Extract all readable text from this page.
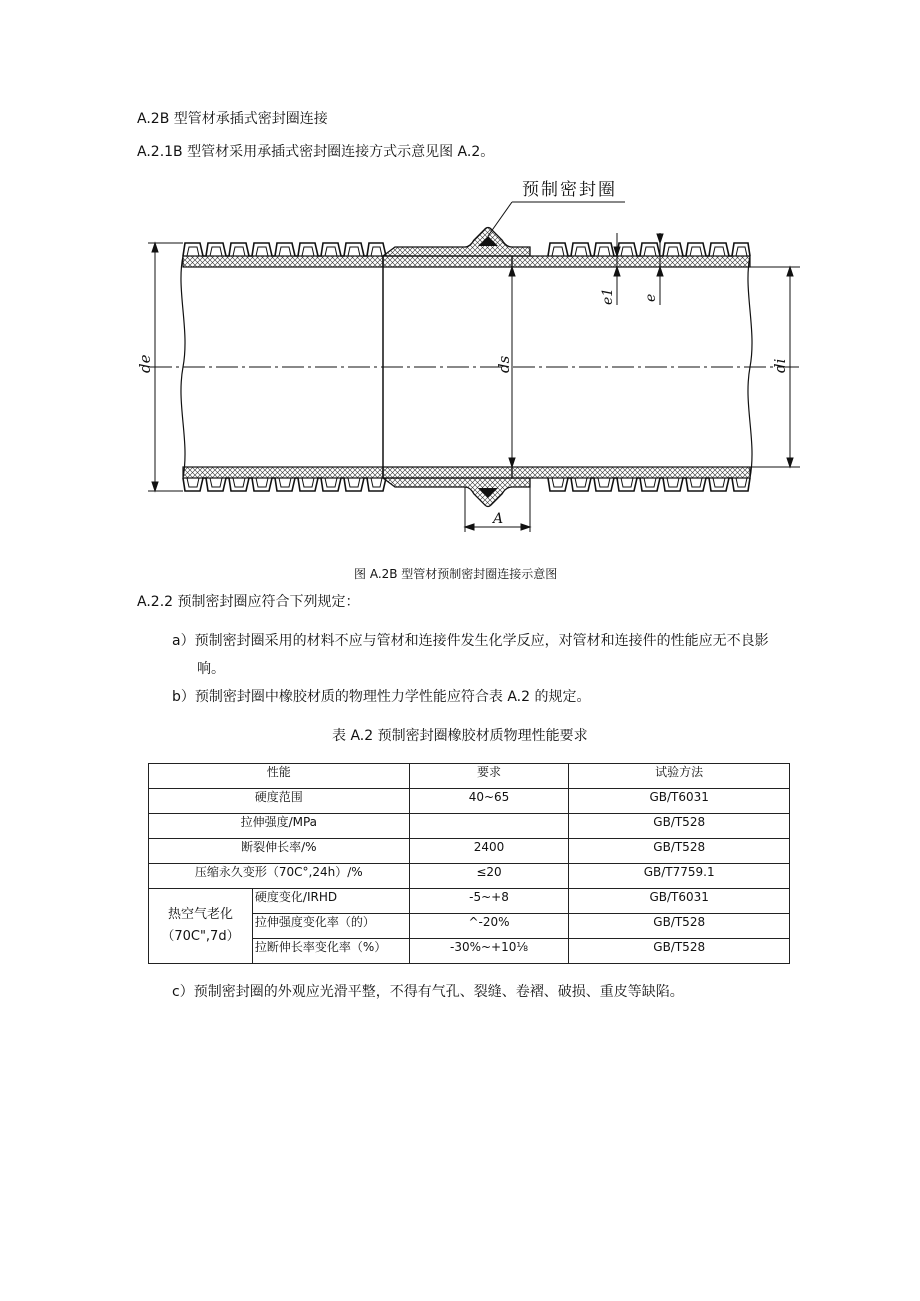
A.2B 型管材承插式密封圈连接
A.2.1B 型管材采用承插式密封圈连接方式示意见图 A.2。
预制密封圈
de	ds	di
e1 e
A
图 A.2B 型管材预制密封圈连接示意图
A.2.2 预制密封圈应符合下列规定：
a）预制密封圈采用的材料不应与管材和连接件发生化学反应，对管材和连接件的性能应无不良影
响。
b）预制密封圈中橡胶材质的物理性力学性能应符合表 A.2 的规定。
表 A.2 预制密封圈橡胶材质物理性能要求
性能		要求	试验方法
硬度范围		40~65	GB/T6031
拉伸强度/MPa			GB/T528
断裂伸长率∕%		2400	GB/T528
压缩永久变形（70C°,24h）∕%		≤20	GB/T7759.1

热空气老化
（70C",7d）	硬度变化/IRHD	-5~+8	GB/T6031
	拉伸强度变化率（的）	^-20%	GB/T528
	拉断伸长率变化率（%）	-30%~+10⅛	GB/T528
c）预制密封圈的外观应光滑平整，不得有气孔、裂缝、卷褶、破损、重皮等缺陷。
